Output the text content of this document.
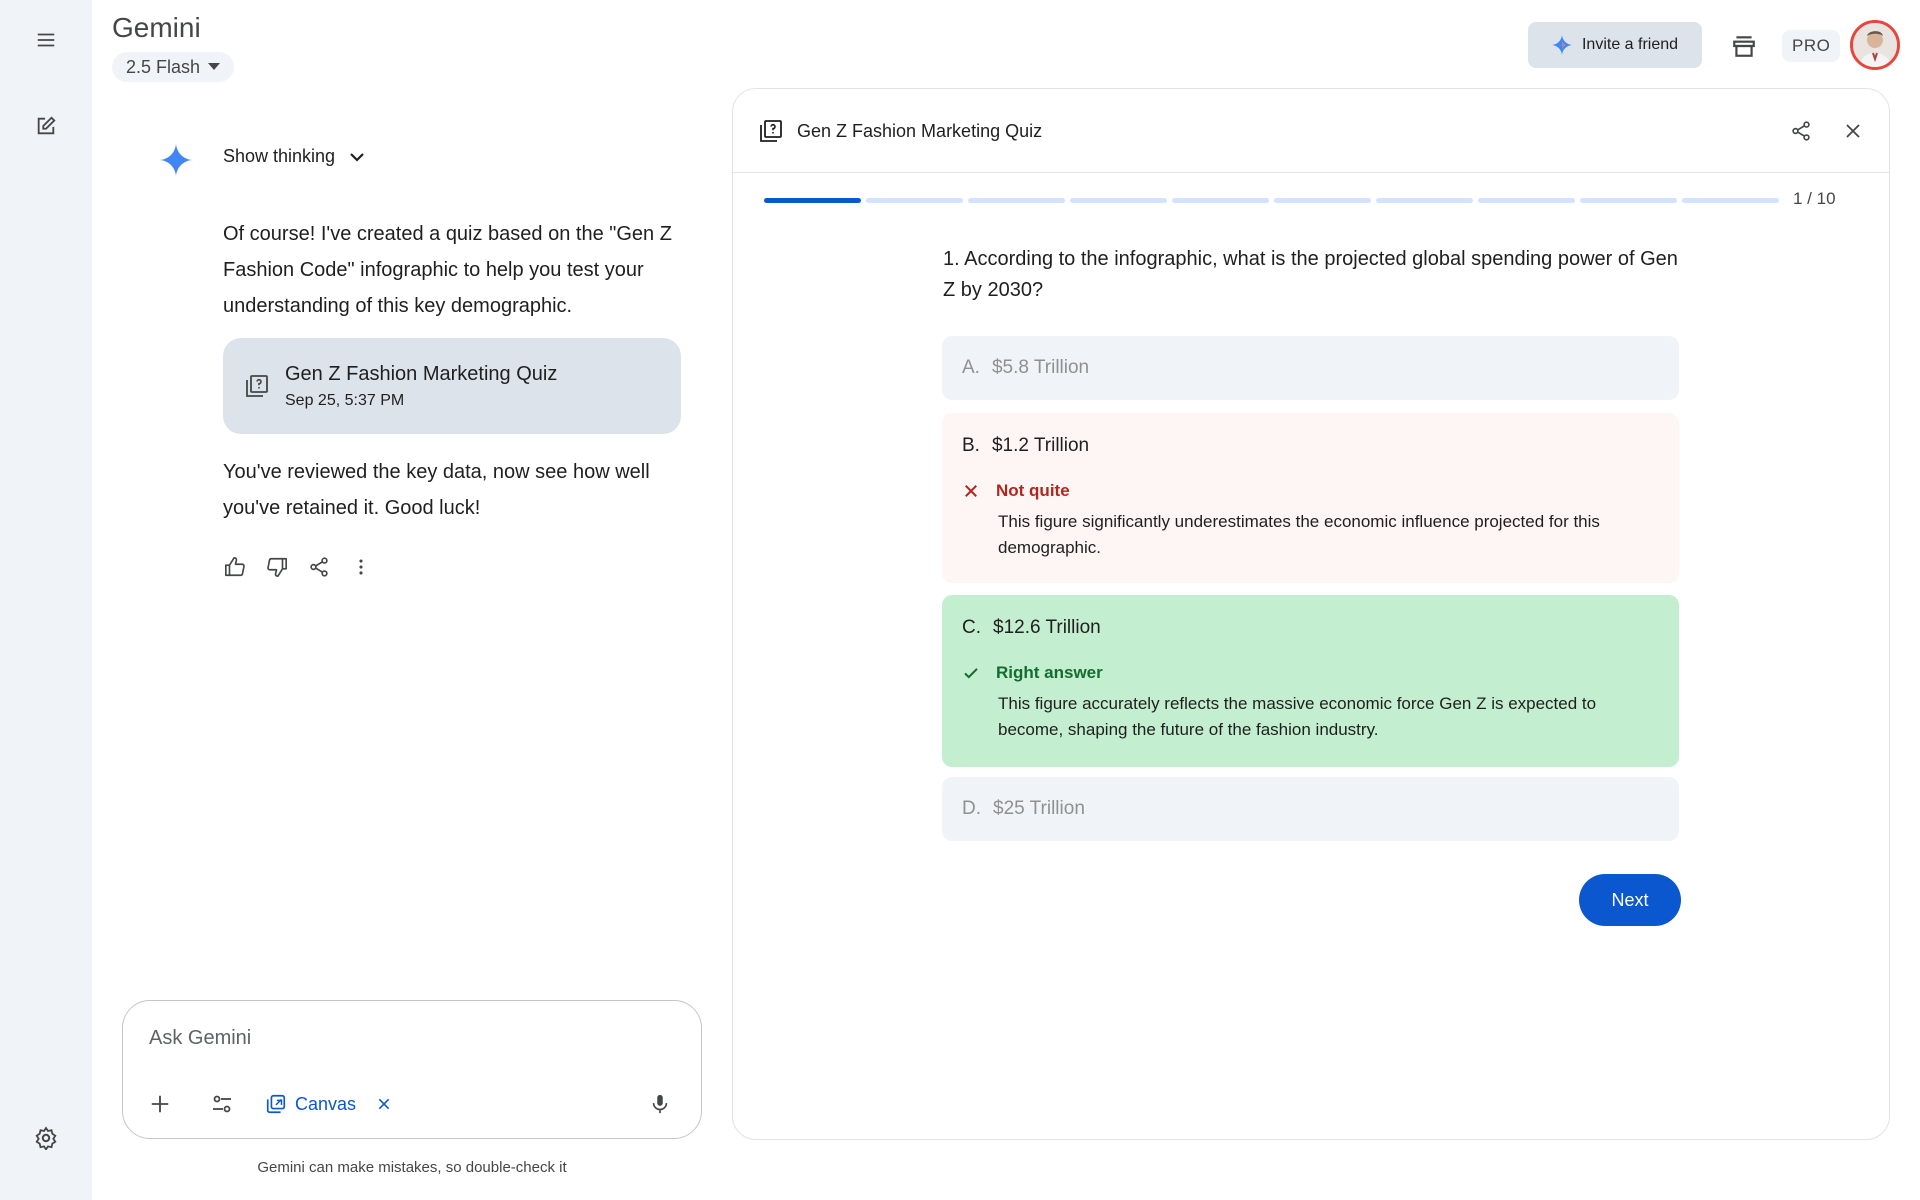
Gemini
2.5 Flash
Invite a friend	PRO
Show thinking
Of course! I've created a quiz based on the "Gen Z Fashion Code" infographic to help you test your understanding of this key demographic.
Gen Z Fashion Marketing Quiz
Sep 25, 5:37 PM
You've reviewed the key data, now see how well you've retained it. Good luck!
Ask Gemini
Canvas
Gemini can make mistakes, so double-check it
Gen Z Fashion Marketing Quiz
1 / 10
1. According to the infographic, what is the projected global spending power of Gen Z by 2030?
A. $5.8 Trillion
B. $1.2 Trillion
Not quite
This figure significantly underestimates the economic influence projected for this demographic.
C. $12.6 Trillion
Right answer
This figure accurately reflects the massive economic force Gen Z is expected to become, shaping the future of the fashion industry.
D. $25 Trillion
Next
